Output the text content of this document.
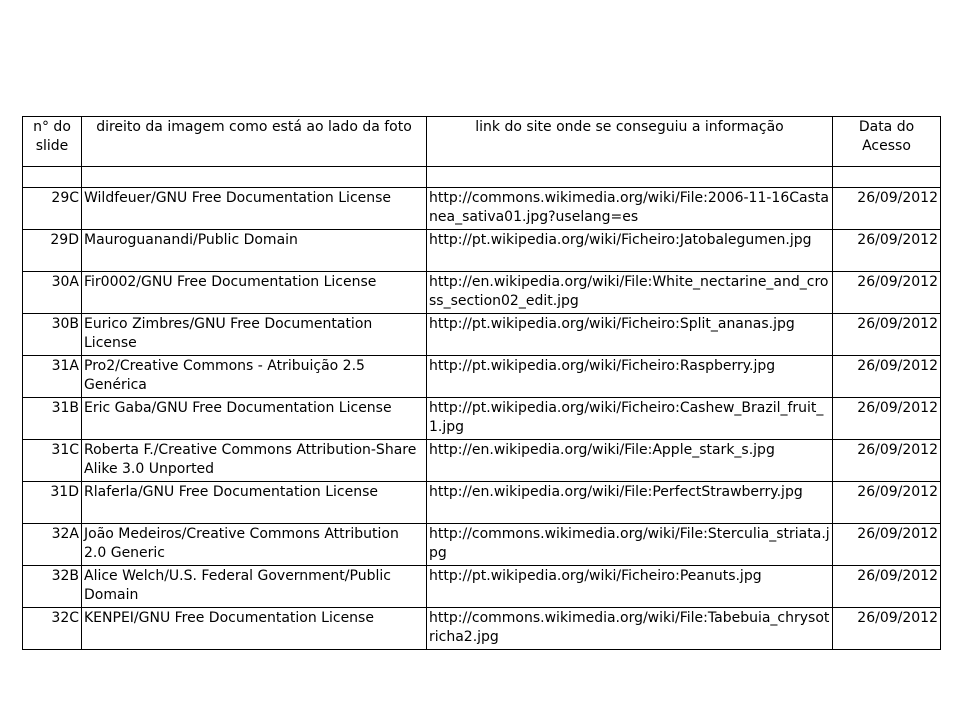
n° do slide	direito da imagem como está ao lado da foto	link do site onde se conseguiu a informação	Data do Acesso

29C	Wildfeuer/GNU Free Documentation License	http://commons.wikimedia.org/wiki/File:2006-11-16Castanea_sativa01.jpg?uselang=es	26/09/2012
29D	Mauroguanandi/Public Domain	http://pt.wikipedia.org/wiki/Ficheiro:Jatobalegumen.jpg	26/09/2012
30A	Fir0002/GNU Free Documentation License	http://en.wikipedia.org/wiki/File:White_nectarine_and_cross_section02_edit.jpg	26/09/2012
30B	Eurico Zimbres/GNU Free Documentation License	http://pt.wikipedia.org/wiki/Ficheiro:Split_ananas.jpg	26/09/2012
31A	Pro2/Creative Commons - Atribuição 2.5 Genérica	http://pt.wikipedia.org/wiki/Ficheiro:Raspberry.jpg	26/09/2012
31B	Eric Gaba/GNU Free Documentation License	http://pt.wikipedia.org/wiki/Ficheiro:Cashew_Brazil_fruit_1.jpg	26/09/2012
31C	Roberta F./Creative Commons Attribution-Share Alike 3.0 Unported	http://en.wikipedia.org/wiki/File:Apple_stark_s.jpg	26/09/2012
31D	Rlaferla/GNU Free Documentation License	http://en.wikipedia.org/wiki/File:PerfectStrawberry.jpg	26/09/2012
32A	João Medeiros/Creative Commons Attribution 2.0 Generic	http://commons.wikimedia.org/wiki/File:Sterculia_striata.jpg	26/09/2012
32B	Alice Welch/U.S. Federal Government/Public Domain	http://pt.wikipedia.org/wiki/Ficheiro:Peanuts.jpg	26/09/2012
32C	KENPEI/GNU Free Documentation License	http://commons.wikimedia.org/wiki/File:Tabebuia_chrysotricha2.jpg	26/09/2012
